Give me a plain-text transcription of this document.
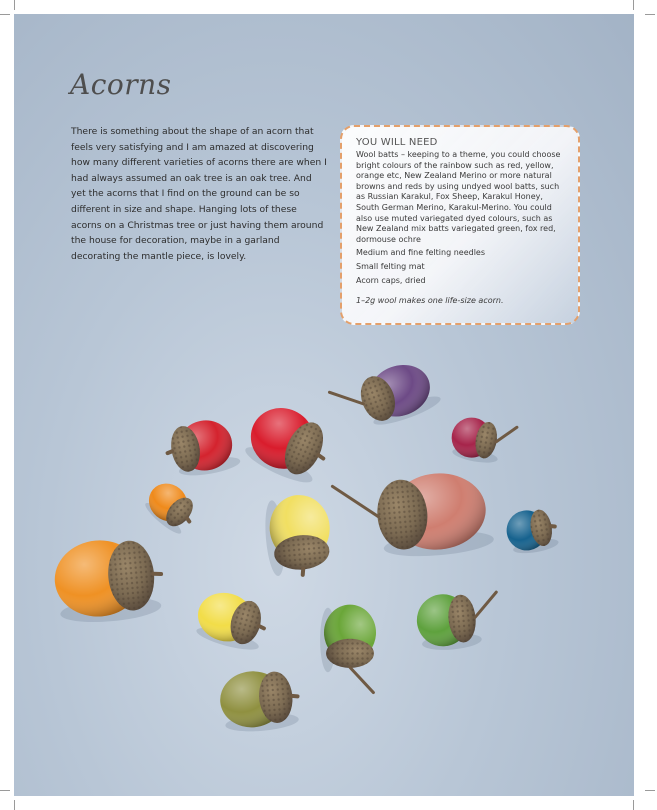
Acorns

There is something about the shape of an acorn that feels very satisfying and I am amazed at discovering how many different varieties of acorns there are when I had always assumed an oak tree is an oak tree. And yet the acorns that I find on the ground can be so different in size and shape. Hanging lots of these acorns on a Christmas tree or just having them around the house for decoration, maybe in a garland decorating the mantle piece, is lovely.

YOU WILL NEED

Wool batts – keeping to a theme, you could choose bright colours of the rainbow such as red, yellow, orange etc, New Zealand Merino or more natural browns and reds by using undyed wool batts, such as Russian Karakul, Fox Sheep, Karakul Honey, South German Merino, Karakul-Merino. You could also use muted variegated dyed colours, such as New Zealand mix batts variegated green, fox red, dormouse ochre

Medium and fine felting needles

Small felting mat

Acorn caps, dried

1–2g wool makes one life-size acorn.
